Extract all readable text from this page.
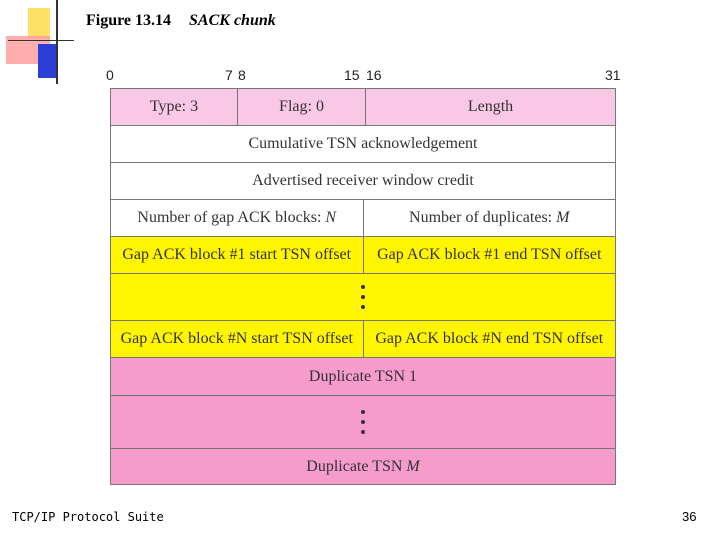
Figure 13.14 SACK chunk
0	7 8	15 16	31
Type: 3	Flag: 0	Length
Cumulative TSN acknowledgement
Advertised receiver window credit
Number of gap ACK blocks: N	Number of duplicates: M
Gap ACK block #1 start TSN offset	Gap ACK block #1 end TSN offset
Gap ACK block #N start TSN offset	Gap ACK block #N end TSN offset
Duplicate TSN 1
Duplicate TSN M
TCP/IP Protocol Suite	36
